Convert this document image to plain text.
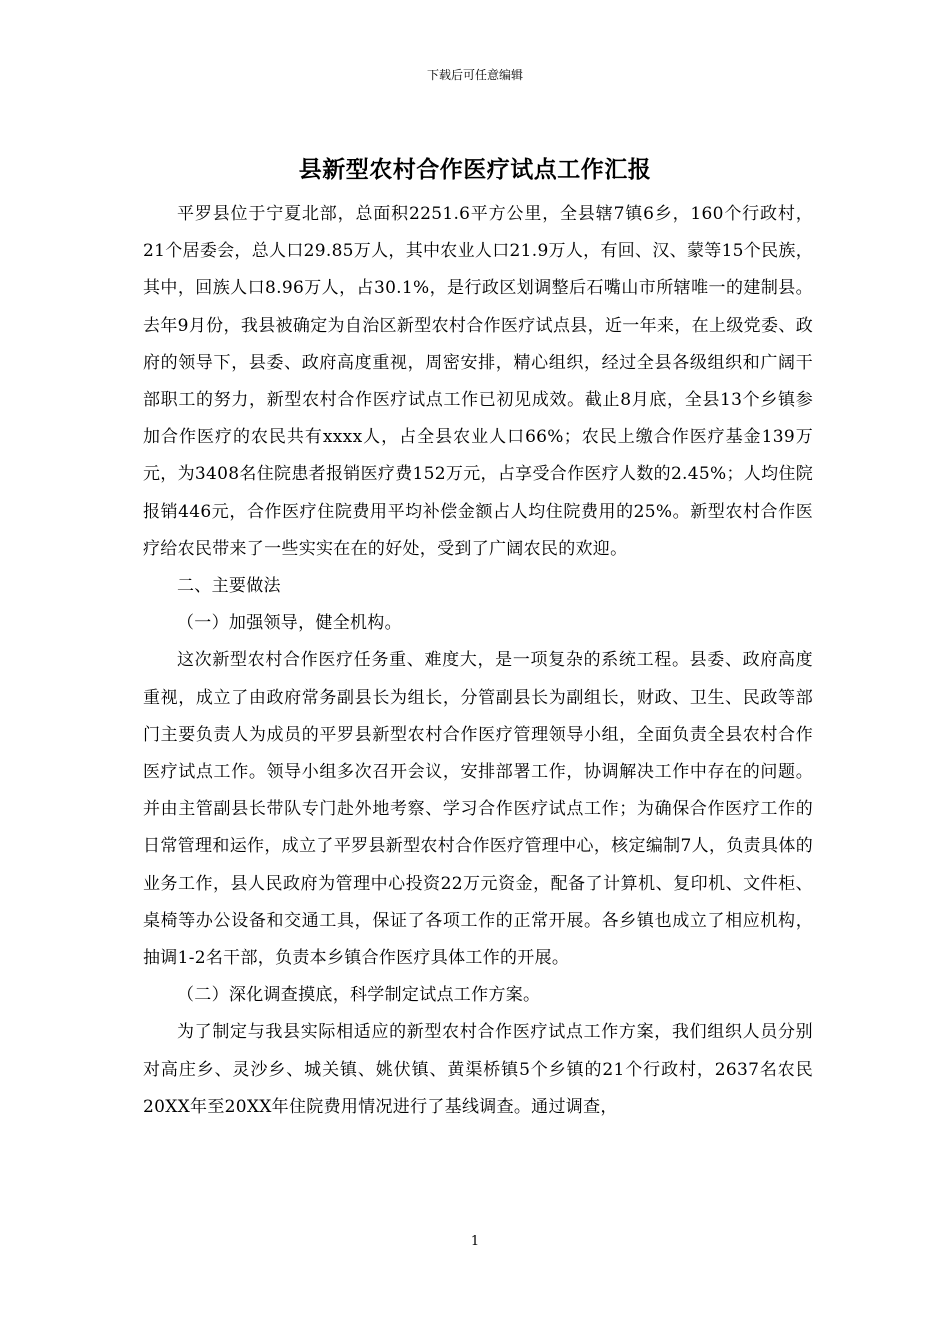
下载后可任意编辑
县新型农村合作医疗试点工作汇报

平罗县位于宁夏北部，总面积2251.6平方公里，全县辖7镇6乡，160个行政村，21个居委会，总人口29.85万人，其中农业人口21.9万人，有回、汉、蒙等15个民族，其中，回族人口8.96万人，占30.1%，是行政区划调整后石嘴山市所辖唯一的建制县。去年9月份，我县被确定为自治区新型农村合作医疗试点县，近一年来，在上级党委、政府的领导下，县委、政府高度重视，周密安排，精心组织，经过全县各级组织和广阔干部职工的努力，新型农村合作医疗试点工作已初见成效。截止8月底，全县13个乡镇参加合作医疗的农民共有xxxx人，占全县农业人口66%；农民上缴合作医疗基金139万元，为3408名住院患者报销医疗费152万元，占享受合作医疗人数的2.45%；人均住院报销446元，合作医疗住院费用平均补偿金额占人均住院费用的25%。新型农村合作医疗给农民带来了一些实实在在的好处，受到了广阔农民的欢迎。

二、主要做法

（一）加强领导，健全机构。

这次新型农村合作医疗任务重、难度大，是一项复杂的系统工程。县委、政府高度重视，成立了由政府常务副县长为组长，分管副县长为副组长，财政、卫生、民政等部门主要负责人为成员的平罗县新型农村合作医疗管理领导小组，全面负责全县农村合作医疗试点工作。领导小组多次召开会议，安排部署工作，协调解决工作中存在的问题。并由主管副县长带队专门赴外地考察、学习合作医疗试点工作；为确保合作医疗工作的日常管理和运作，成立了平罗县新型农村合作医疗管理中心，核定编制7人，负责具体的业务工作，县人民政府为管理中心投资22万元资金，配备了计算机、复印机、文件柜、桌椅等办公设备和交通工具，保证了各项工作的正常开展。各乡镇也成立了相应机构，抽调1-2名干部，负责本乡镇合作医疗具体工作的开展。

（二）深化调查摸底，科学制定试点工作方案。

为了制定与我县实际相适应的新型农村合作医疗试点工作方案，我们组织人员分别对高庄乡、灵沙乡、城关镇、姚伏镇、黄渠桥镇5个乡镇的21个行政村，2637名农民20XX年至20XX年住院费用情况进行了基线调查。通过调查，

1
